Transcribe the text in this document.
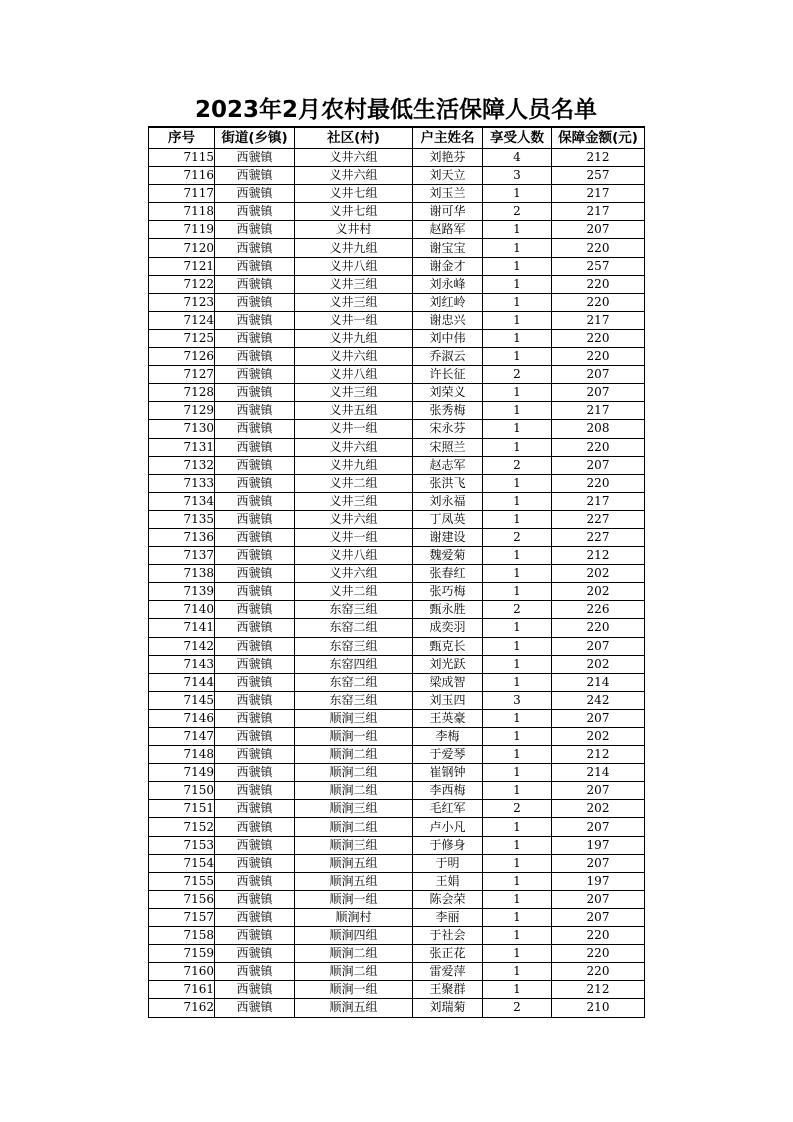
2023年2月农村最低生活保障人员名单
序号	街道(乡镇)	社区(村)	户主姓名	享受人数	保障金额(元)
7115	西虢镇	义井六组	刘艳芬	4	212
7116	西虢镇	义井六组	刘天立	3	257
7117	西虢镇	义井七组	刘玉兰	1	217
7118	西虢镇	义井七组	谢可华	2	217
7119	西虢镇	义井村	赵路军	1	207
7120	西虢镇	义井九组	谢宝宝	1	220
7121	西虢镇	义井八组	谢金才	1	257
7122	西虢镇	义井三组	刘永峰	1	220
7123	西虢镇	义井三组	刘红岭	1	220
7124	西虢镇	义井一组	谢忠兴	1	217
7125	西虢镇	义井九组	刘中伟	1	220
7126	西虢镇	义井六组	乔淑云	1	220
7127	西虢镇	义井八组	许长征	2	207
7128	西虢镇	义井三组	刘荣义	1	207
7129	西虢镇	义井五组	张秀梅	1	217
7130	西虢镇	义井一组	宋永芬	1	208
7131	西虢镇	义井六组	宋照兰	1	220
7132	西虢镇	义井九组	赵志军	2	207
7133	西虢镇	义井二组	张洪飞	1	220
7134	西虢镇	义井三组	刘永福	1	217
7135	西虢镇	义井六组	丁凤英	1	227
7136	西虢镇	义井一组	谢建设	2	227
7137	西虢镇	义井八组	魏爱菊	1	212
7138	西虢镇	义井六组	张春红	1	202
7139	西虢镇	义井二组	张巧梅	1	202
7140	西虢镇	东窑三组	甄永胜	2	226
7141	西虢镇	东窑二组	成奕羽	1	220
7142	西虢镇	东窑三组	甄克长	1	207
7143	西虢镇	东窑四组	刘光跃	1	202
7144	西虢镇	东窑二组	梁成智	1	214
7145	西虢镇	东窑三组	刘玉四	3	242
7146	西虢镇	顺涧三组	王英豪	1	207
7147	西虢镇	顺涧一组	李梅	1	202
7148	西虢镇	顺涧二组	于爱琴	1	212
7149	西虢镇	顺涧二组	崔钢钟	1	214
7150	西虢镇	顺涧二组	李西梅	1	207
7151	西虢镇	顺涧三组	毛红军	2	202
7152	西虢镇	顺涧二组	卢小凡	1	207
7153	西虢镇	顺涧三组	于修身	1	197
7154	西虢镇	顺涧五组	于明	1	207
7155	西虢镇	顺涧五组	王娟	1	197
7156	西虢镇	顺涧一组	陈会荣	1	207
7157	西虢镇	顺涧村	李丽	1	207
7158	西虢镇	顺涧四组	于社会	1	220
7159	西虢镇	顺涧二组	张正花	1	220
7160	西虢镇	顺涧二组	雷爱萍	1	220
7161	西虢镇	顺涧一组	王聚群	1	212
7162	西虢镇	顺涧五组	刘瑞菊	2	210
